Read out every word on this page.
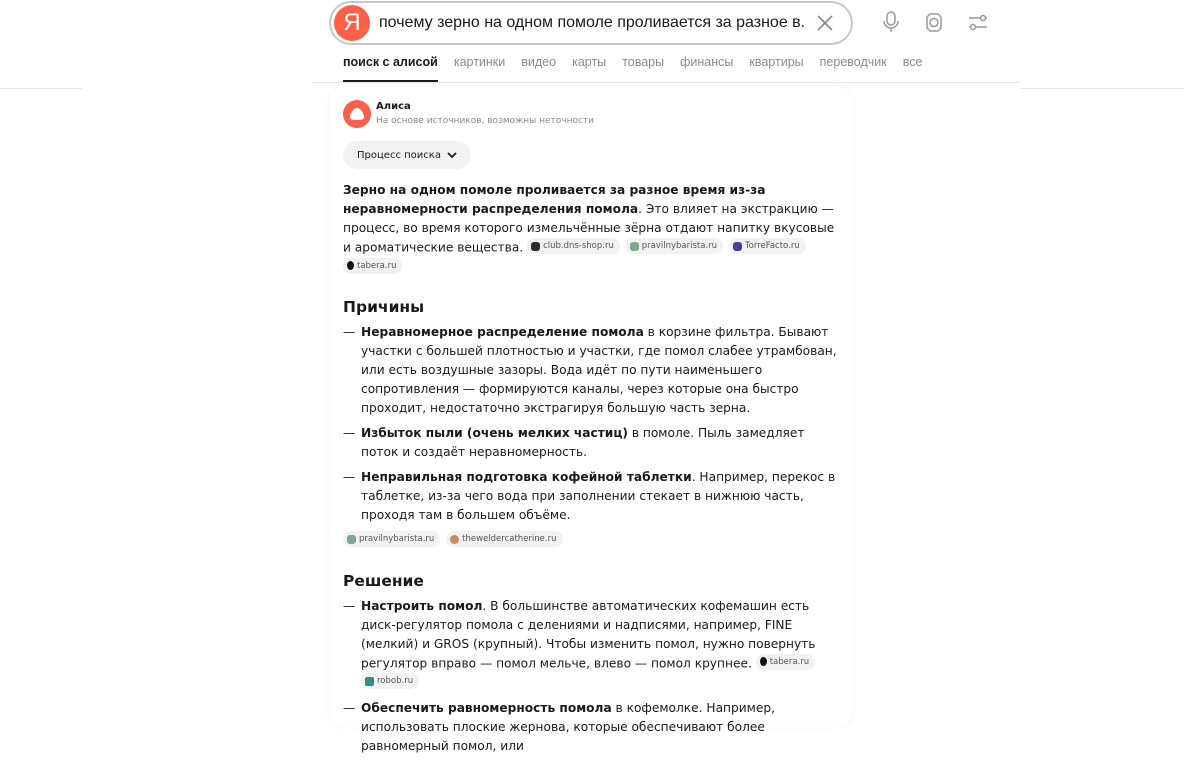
Я
почему зерно на одном помоле проливается за разное в...
поиск с алисой картинки видео карты товары финансы квартиры переводчик все
Алиса
На основе источников, возможны неточности
Процесс поиска

Зерно на одном помоле проливается за разное время из-за неравномерности распределения помола. Это влияет на экстракцию — процесс, во время которого измельчённые зёрна отдают напитку вкусовые и ароматические вещества. club.dns-shop.ru
	pravilnybarista.ru
	TorreFacto.ru

tabera.ru

Причины
— Неравномерное распределение помола в корзине фильтра. Бывают участки с большей плотностью и участки, где помол слабее утрамбован, или есть воздушные зазоры. Вода идёт по пути наименьшего сопротивления — формируются каналы, через которые она быстро проходит, недостаточно экстрагируя большую часть зерна.
— Избыток пыли (очень мелких частиц) в помоле. Пыль замедляет поток и создаёт неравномерность.
— Неправильная подготовка кофейной таблетки. Например, перекос в таблетке, из-за чего вода при заполнении стекает в нижнюю часть, проходя там в большем объёме.
pravilnybarista.ru
	theweldercatherine.ru
Решение
— Настроить помол. В большинстве автоматических кофемашин есть диск-регулятор помола с делениями и надписями, например, FINE (мелкий) и GROS (крупный). Чтобы изменить помол, нужно повернуть регулятор вправо — помол мельче, влево — помол крупнее. tabera.ru

robob.ru
— Обеспечить равномерность помола в кофемолке. Например, использовать плоские жернова, которые обеспечивают более равномерный помол, или
